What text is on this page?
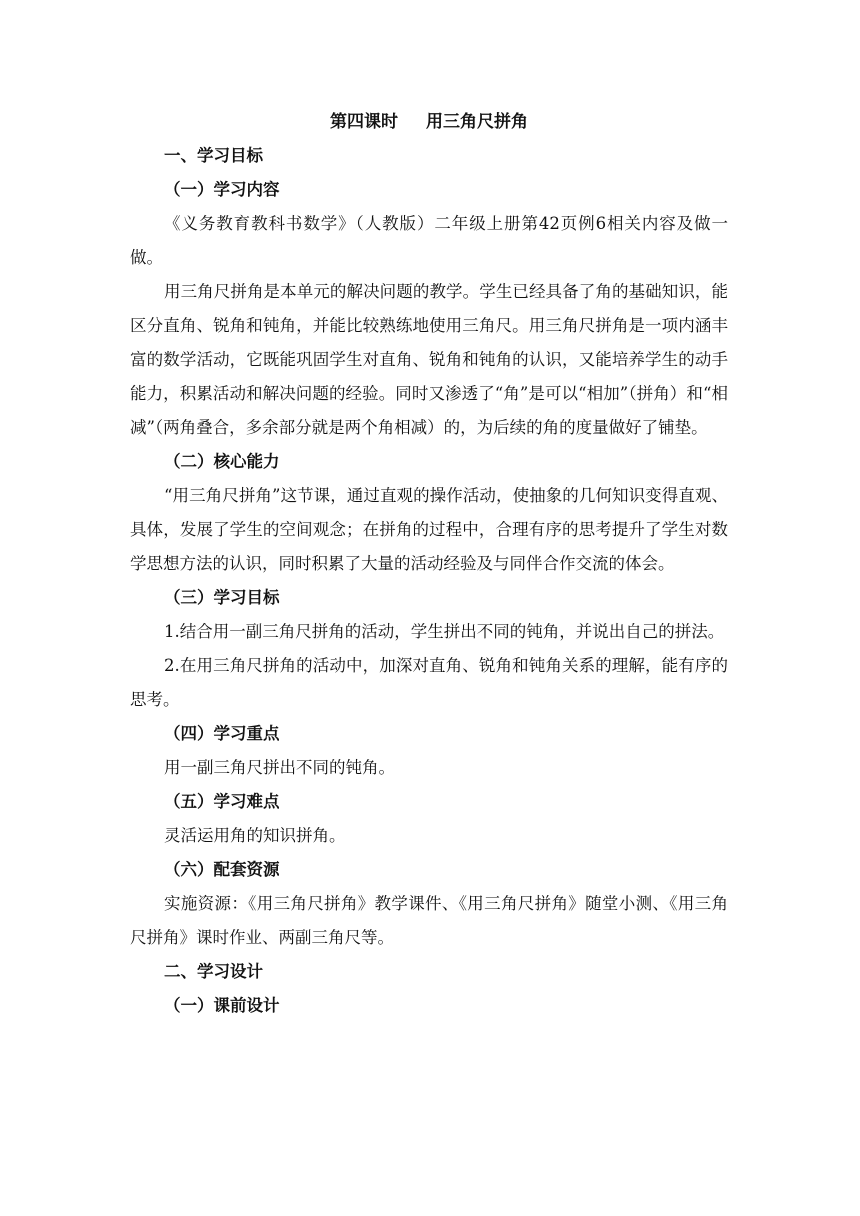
第四课时 用三角尺拼角

一、学习目标

（一）学习内容

《义务教育教科书数学》（人教版）二年级上册第42页例6相关内容及做一做。

用三角尺拼角是本单元的解决问题的教学。学生已经具备了角的基础知识，能区分直角、锐角和钝角，并能比较熟练地使用三角尺。用三角尺拼角是一项内涵丰富的数学活动，它既能巩固学生对直角、锐角和钝角的认识，又能培养学生的动手能力，积累活动和解决问题的经验。同时又渗透了“角”是可以“相加”（拼角）和“相减”（两角叠合，多余部分就是两个角相减）的，为后续的角的度量做好了铺垫。

（二）核心能力

“用三角尺拼角”这节课，通过直观的操作活动，使抽象的几何知识变得直观、具体，发展了学生的空间观念；在拼角的过程中，合理有序的思考提升了学生对数学思想方法的认识，同时积累了大量的活动经验及与同伴合作交流的体会。

（三）学习目标

1.结合用一副三角尺拼角的活动，学生拼出不同的钝角，并说出自己的拼法。

2.在用三角尺拼角的活动中，加深对直角、锐角和钝角关系的理解，能有序的思考。

（四）学习重点

用一副三角尺拼出不同的钝角。

（五）学习难点

灵活运用角的知识拼角。

（六）配套资源

实施资源：《用三角尺拼角》教学课件、《用三角尺拼角》随堂小测、《用三角尺拼角》课时作业、两副三角尺等。

二、学习设计

（一）课前设计
